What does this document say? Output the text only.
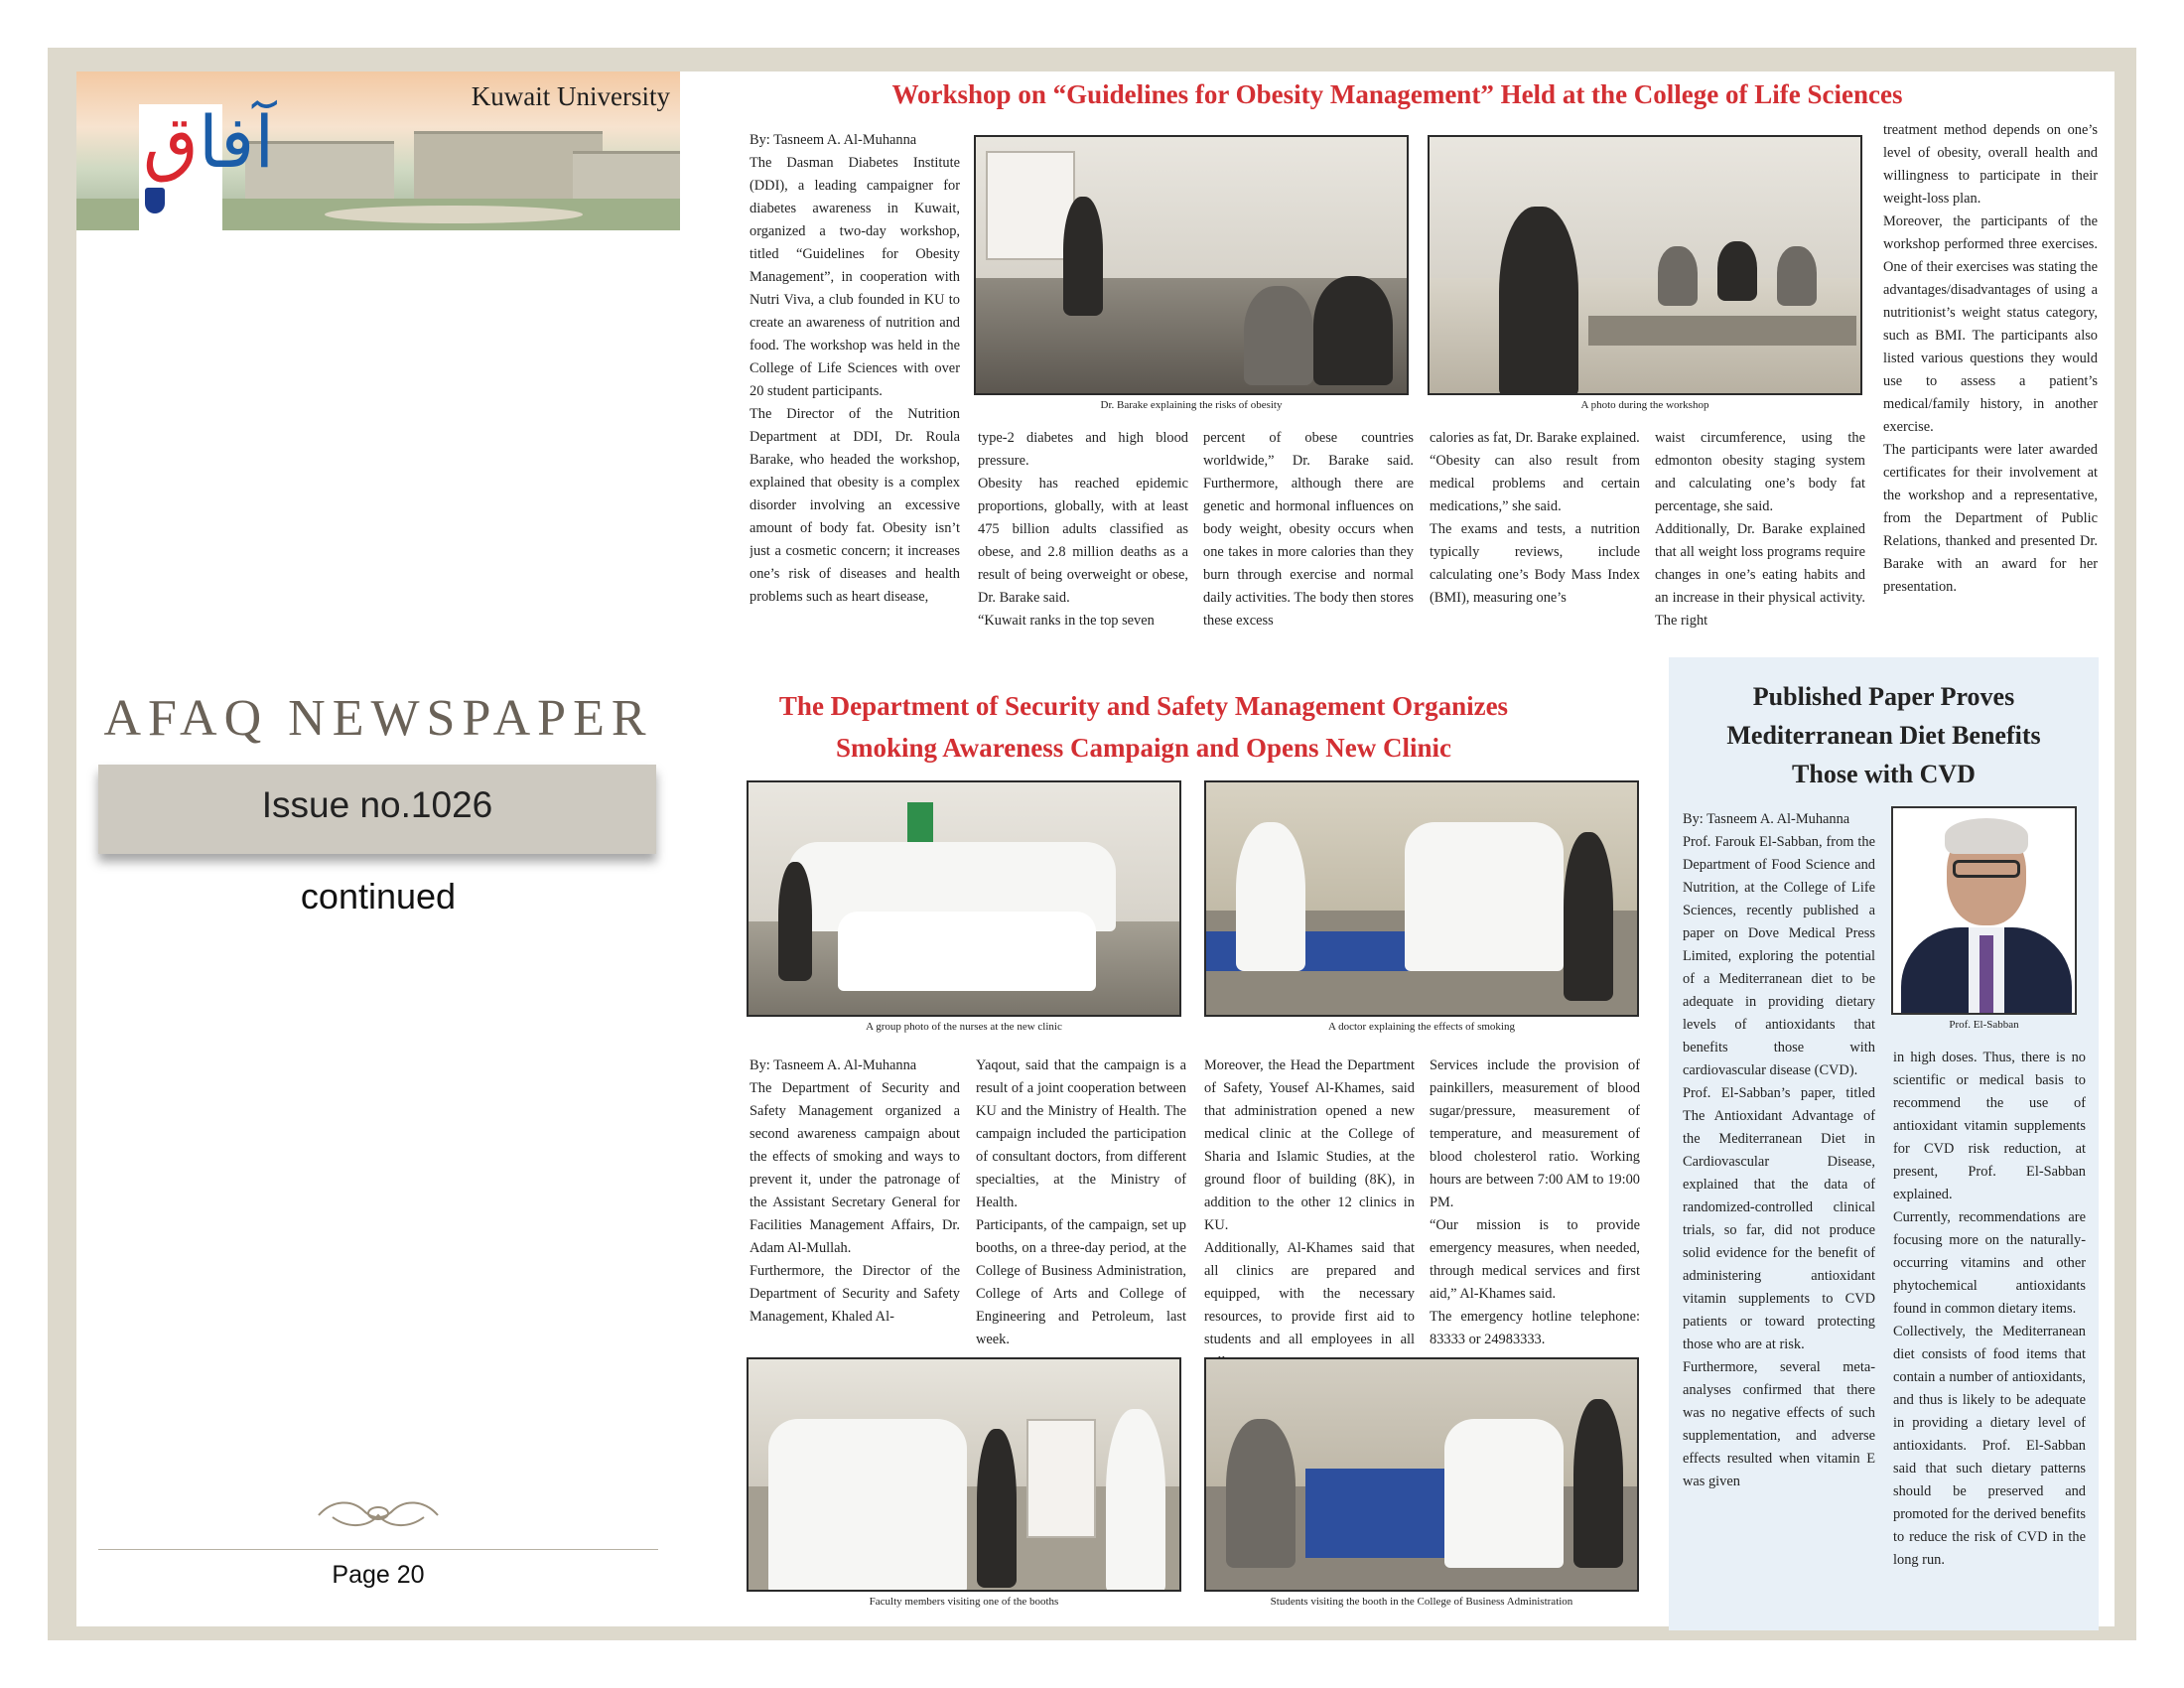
Kuwait University
آفاق
AFAQ NEWSPAPER
Issue no.1026
continued
Page 20
Workshop on “Guidelines for Obesity Management” Held at the College of Life Sciences
By: Tasneem A. Al-Muhanna
The Dasman Diabetes Institute (DDI), a leading campaigner for diabetes awareness in Kuwait, organized a two-day workshop, titled “Guidelines for Obesity Management”, in cooperation with Nutri Viva, a club founded in KU to create an awareness of nutrition and food. The workshop was held in the College of Life Sciences with over 20 student participants.
The Director of the Nutrition Department at DDI, Dr. Roula Barake, who headed the workshop, explained that obesity is a complex disorder involving an excessive amount of body fat. Obesity isn’t just a cosmetic concern; it increases one’s risk of diseases and health problems such as heart disease,
Dr. Barake explaining the risks of obesity	A photo during the workshop
type-2 diabetes and high blood pressure.
Obesity has reached epidemic proportions, globally, with at least 475 billion adults classified as obese, and 2.8 million deaths as a result of being overweight or obese, Dr. Barake said.
“Kuwait ranks in the top seven
percent of obese countries worldwide,” Dr. Barake said. Furthermore, although there are genetic and hormonal influences on body weight, obesity occurs when one takes in more calories than they burn through exercise and normal daily activities. The body then stores these excess
calories as fat, Dr. Barake explained.
“Obesity can also result from medical problems and certain medications,” she said.
The exams and tests, a nutrition typically reviews, include calculating one’s Body Mass Index (BMI), measuring one’s
waist circumference, using the edmonton obesity staging system and calculating one’s body fat percentage, she said.
Additionally, Dr. Barake explained that all weight loss programs require changes in one’s eating habits and an increase in their physical activity. The right
treatment method depends on one’s level of obesity, overall health and willingness to participate in their weight-loss plan.
Moreover, the participants of the workshop performed three exercises. One of their exercises was stating the advantages/disadvantages of using a nutritionist’s weight status category, such as BMI. The participants also listed various questions they would use to assess a patient’s medical/family history, in another exercise.
The participants were later awarded certificates for their involvement at the workshop and a representative, from the Department of Public Relations, thanked and presented Dr. Barake with an award for her presentation.
The Department of Security and Safety Management Organizes
Smoking Awareness Campaign and Opens New Clinic
A group photo of the nurses at the new clinic	A doctor explaining the effects of smoking
By: Tasneem A. Al-Muhanna
The Department of Security and Safety Management organized a second awareness campaign about the effects of smoking and ways to prevent it, under the patronage of the Assistant Secretary General for Facilities Management Affairs, Dr. Adam Al-Mullah.
Furthermore, the Director of the Department of Security and Safety Management, Khaled Al-
Yaqout, said that the campaign is a result of a joint cooperation between KU and the Ministry of Health. The campaign included the participation of consultant doctors, from different specialties, at the Ministry of Health.
Participants, of the campaign, set up booths, on a three-day period, at the College of Business Administration, College of Arts and College of Engineering and Petroleum, last week.
Moreover, the Head the Department of Safety, Yousef Al-Khames, said that administration opened a new medical clinic at the College of Sharia and Islamic Studies, at the ground floor of building (8K), in addition to the other 12 clinics in KU.
Additionally, Al-Khames said that all clinics are prepared and equipped, with the necessary resources, to provide first aid to students and all employees in all
Services include the provision of painkillers, measurement of blood sugar/pressure, measurement of temperature, and measurement of blood cholesterol ratio. Working hours are between 7:00 AM to 19:00 PM.
“Our mission is to provide emergency measures, when needed, through medical services and first aid,” Al-Khames said.
The emergency hotline telephone: 83333 or 24983333.
Faculty members visiting one of the booths	Students visiting the booth in the College of Business Administration
Published Paper Proves Mediterranean Diet Benefits Those with CVD
By: Tasneem A. Al-Muhanna
Prof. Farouk El-Sabban, from the Department of Food Science and Nutrition, at the College of Life Sciences, recently published a paper on Dove Medical Press Limited, exploring the potential of a Mediterranean diet to be adequate in providing dietary levels of antioxidants that benefits those with cardiovascular disease (CVD).
Prof. El-Sabban’s paper, titled The Antioxidant Advantage of the Mediterranean Diet in Cardiovascular Disease, explained that the data of randomized-controlled clinical trials, so far, did not produce solid evidence for the benefit of administering antioxidant vitamin supplements to CVD patients or toward protecting those who are at risk.
Furthermore, several meta-analyses confirmed that there was no negative effects of such supplementation, and adverse effects resulted when vitamin E was given
Prof. El-Sabban
in high doses. Thus, there is no scientific or medical basis to recommend the use of antioxidant vitamin supplements for CVD risk reduction, at present, Prof. El-Sabban explained.
Currently, recommendations are focusing more on the naturally-occurring vitamins and other phytochemical antioxidants found in common dietary items.
Collectively, the Mediterranean diet consists of food items that contain a number of antioxidants, and thus is likely to be adequate in providing a dietary level of antioxidants. Prof. El-Sabban said that such dietary patterns should be preserved and promoted for the derived benefits to reduce the risk of CVD in the long run.
